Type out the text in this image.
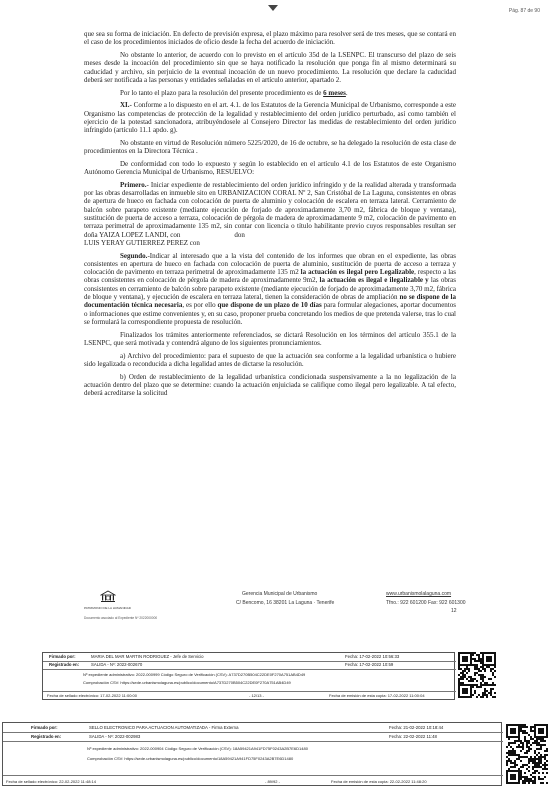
Pág. 87 de 90

que sea su forma de iniciación. En defecto de previsión expresa, el plazo máximo para resolver será de tres meses, que se contará en el caso de los procedimientos iniciados de oficio desde la fecha del acuerdo de iniciación.

No obstante lo anterior, de acuerdo con lo previsto en el artículo 35d de la LSENPC. El transcurso del plazo de seis meses desde la incoación del procedimiento sin que se haya notificado la resolución que ponga fin al mismo determinará su caducidad y archivo, sin perjuicio de la eventual incoación de un nuevo procedimiento. La resolución que declare la caducidad deberá ser notificada a las personas y entidades señaladas en el artículo anterior, apartado 2.

Por lo tanto el plazo para la resolución del presente procedimiento es de 6 meses.

XI.- Conforme a lo dispuesto en el art. 4.1. de los Estatutos de la Gerencia Municipal de Urbanismo, corresponde a este Organismo las competencias de protección de la legalidad y restablecimiento del orden jurídico perturbado, así como también el ejercicio de la potestad sancionadora, atribuyéndosele al Consejero Director las medidas de restablecimiento del orden jurídico infringido (artículo 11.1 apdo. g).

No obstante en virtud de Resolución número 5225/2020, de 16 de octubre, se ha delegado la resolución de esta clase de procedimientos en la Directora Técnica .

De conformidad con todo lo expuesto y según lo establecido en el artículo 4.1 de los Estatutos de este Organismo Autónomo Gerencia Municipal de Urbanismo, RESUELVO:

Primero.- Iniciar expediente de restablecimiento del orden jurídico infringido y de la realidad alterada y transformada por las obras desarrolladas en inmueble sito en URBANIZACION CORAL Nº 2, San Cristóbal de La Laguna, consistentes en obras de apertura de hueco en fachada con colocación de puerta de aluminio y colocación de escalera en terraza lateral. Cerramiento de balcón sobre parapeto existente (mediante ejecución de forjado de aproximadamente 3,70 m2, fábrica de bloque y ventana), sustitución de puerta de acceso a terraza, colocación de pérgola de madera de aproximadamente 9 m2, colocación de pavimento en terraza perimetral de aproximadamente 135 m2, sin contar con licencia o título habilitante previo cuyos responsables resultan ser doña YAIZA LOPEZ LANDI, con	don
LUIS YERAY GUTIERREZ PEREZ con

Segundo.-Indicar al interesado que a la vista del contenido de los informes que obran en el expediente, las obras consistentes en apertura de hueco en fachada con colocación de puerta de aluminio, sustitución de puerta de acceso a terraza y colocación de pavimento en terraza perimetral de aproximadamente 135 m2 la actuación es ilegal pero Legalizable, respecto a las obras consistentes en colocación de pérgola de madera de aproximadamente 9m2, la actuación es ilegal e ilegalizable y las obras consistentes en cerramiento de balcón sobre parapeto existente (mediante ejecución de forjado de aproximadamente 3,70 m2, fábrica de bloque y ventana), y ejecución de escalera en terraza lateral, tienen la consideración de obras de ampliación no se dispone de la documentación técnica necesaria, es por ello que dispone de un plazo de 10 días para formular alegaciones, aportar documentos o informaciones que estime convenientes y, en su caso, proponer prueba concretando los medios de que pretenda valerse, tras lo cual se formulará la correspondiente propuesta de resolución.

Finalizados los trámites anteriormente referenciados, se dictará Resolución en los términos del artículo 355.1 de la LSENPC, que será motivada y contendrá alguno de los siguientes pronunciamientos.

a) Archivo del procedimiento: para el supuesto de que la actuación sea conforme a la legalidad urbanística o hubiere sido legalizada o reconducida a dicha legalidad antes de dictarse la resolución.

b) Orden de restablecimiento de la legalidad urbanística condicionada suspensivamente a la no legalización de la actuación dentro del plazo que se determine: cuando la actuación enjuiciada se califique como ilegal pero legalizable. A tal efecto, deberá acreditarse la solicitud

PATRIMONIO DE LA HUMANIDAD
Documento asociado al Expediente Nº 2022000000
Gerencia Municipal de Urbanismo
C/ Bencomo, 16 38201 La Laguna · Tenerife
www.urbanismolalaguna.com
Tfno.: 922 601200 Fax: 922 601300
12
Firmado por:	MARIA DEL MAR MARTIN RODRIGUEZ - Jefe de Servicio	Fecha: 17-02-2022 10:56:33
Registrado en:	SALIDA - Nº: 2022-002670	Fecha: 17-02-2022 10:59
Nº expediente administrativo: 2022-000999 Código Seguro de Verificación (CSV): A737D270B504C22DE0F270A751AB4D49
Comprobación CSV: https://sede.urbanismolaguna.es/publico/documento/A737D270B504C22DE0F270A751AB4D49
Fecha de sellado electrónico: 17-02-2022 11:00:00	- 12/13 -	Fecha de emisión de esta copia: 17-02-2022 11:00:04
Firmado por:	SELLO ELECTRONICO PARA ACTUACION AUTOMATIZADA - Firma Externa	Fecha: 21-02-2022 10:18:44
Registrado en:	SALIDA - Nº: 2022-002983	Fecha: 22-02-2022 11:48
Nº expediente administrativo: 2022-000904 Código Seguro de Verificación (CSV): 18A59421A941FD75F0243A2B7E6D1480
Comprobación CSV: https://sede.urbanismolaguna.es/publico/documento/18A59421A941FD75F0243A2B7E6D1480
Fecha de sellado electrónico: 22-02-2022 11:48:14	- 89/92 -	Fecha de emisión de esta copia: 22-02-2022 11:48:20
